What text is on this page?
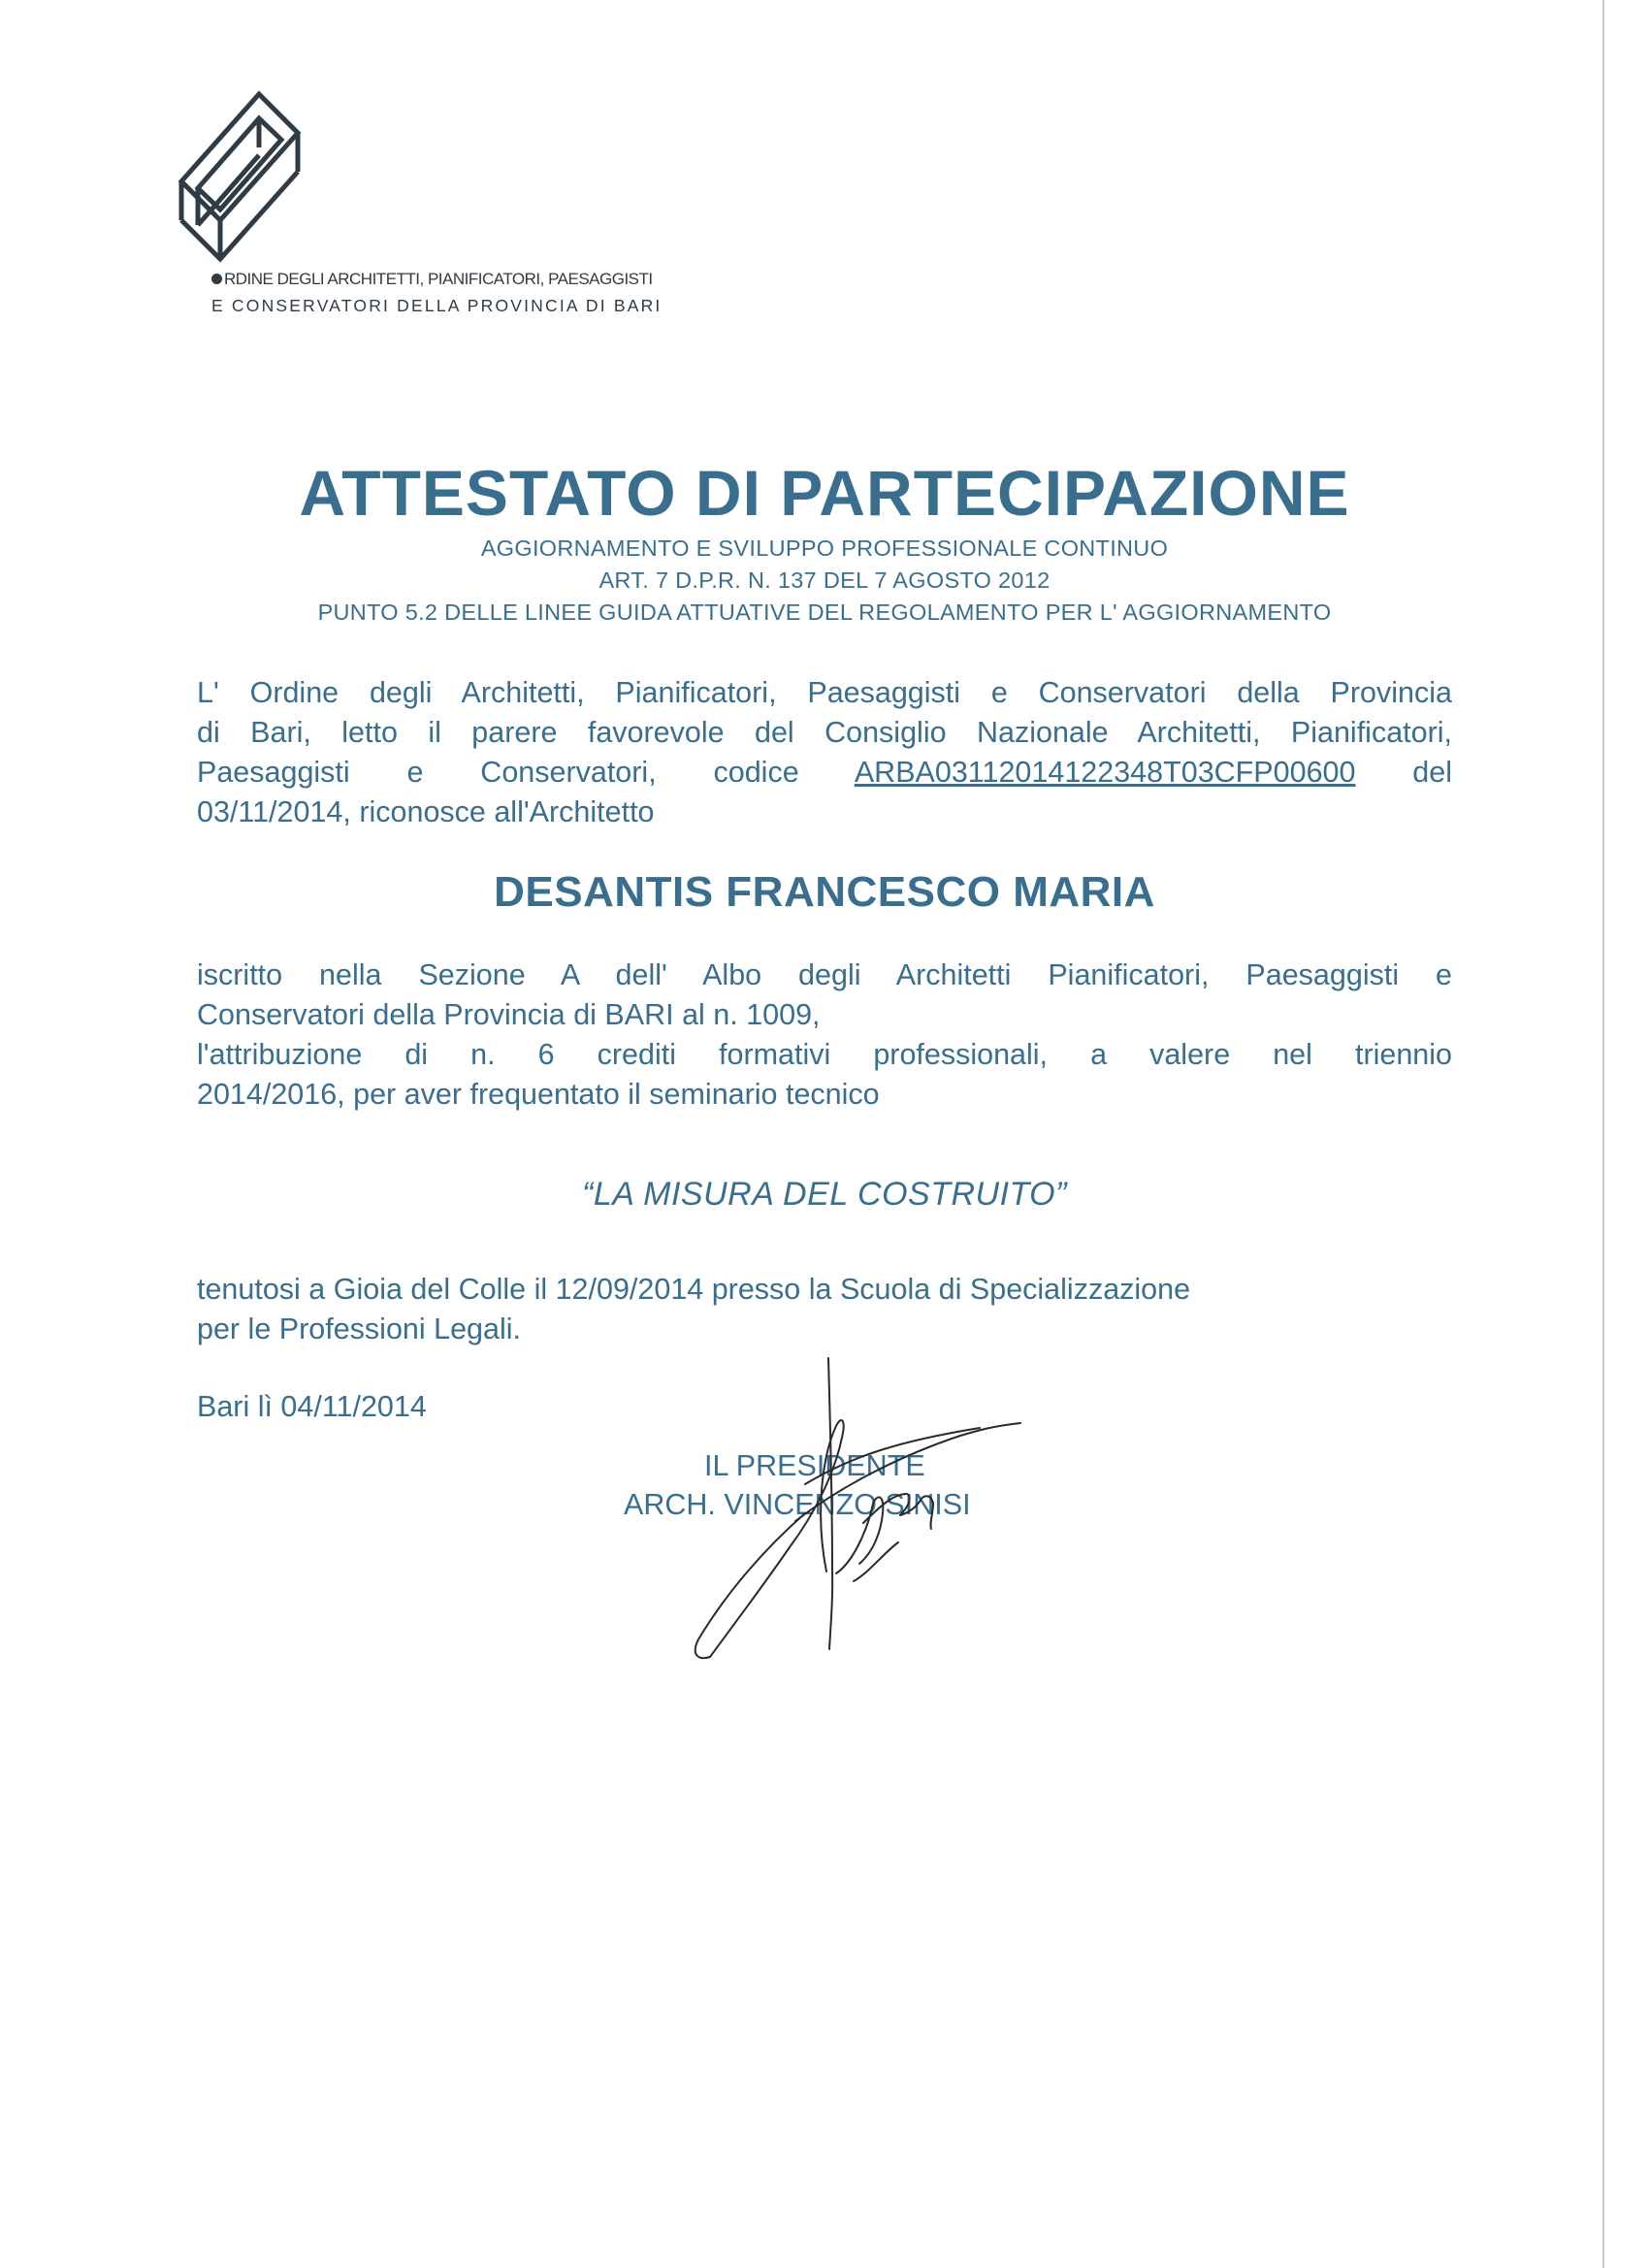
RDINE DEGLI ARCHITETTI, PIANIFICATORI, PAESAGGISTI
E CONSERVATORI DELLA PROVINCIA DI BARI
ATTESTATO DI PARTECIPAZIONE
AGGIORNAMENTO E SVILUPPO PROFESSIONALE CONTINUO
ART. 7 D.P.R. N. 137 DEL 7 AGOSTO 2012
PUNTO 5.2 DELLE LINEE GUIDA ATTUATIVE DEL REGOLAMENTO PER L' AGGIORNAMENTO
L' Ordine degli Architetti, Pianificatori, Paesaggisti e Conservatori della Provincia
di Bari, letto il parere favorevole del Consiglio Nazionale Architetti, Pianificatori,
Paesaggisti e Conservatori, codice ARBA03112014122348T03CFP00600 del
03/11/2014, riconosce all'Architetto
DESANTIS FRANCESCO MARIA
iscritto nella Sezione A dell' Albo degli Architetti Pianificatori, Paesaggisti e
Conservatori della Provincia di BARI al n. 1009,
l'attribuzione di n. 6 crediti formativi professionali, a valere nel triennio
2014/2016, per aver frequentato il seminario tecnico
“LA MISURA DEL COSTRUITO”
tenutosi a Gioia del Colle il 12/09/2014 presso la Scuola di Specializzazione
per le Professioni Legali.
Bari lì 04/11/2014
IL PRESIDENTE
ARCH. VINCENZO SINISI
